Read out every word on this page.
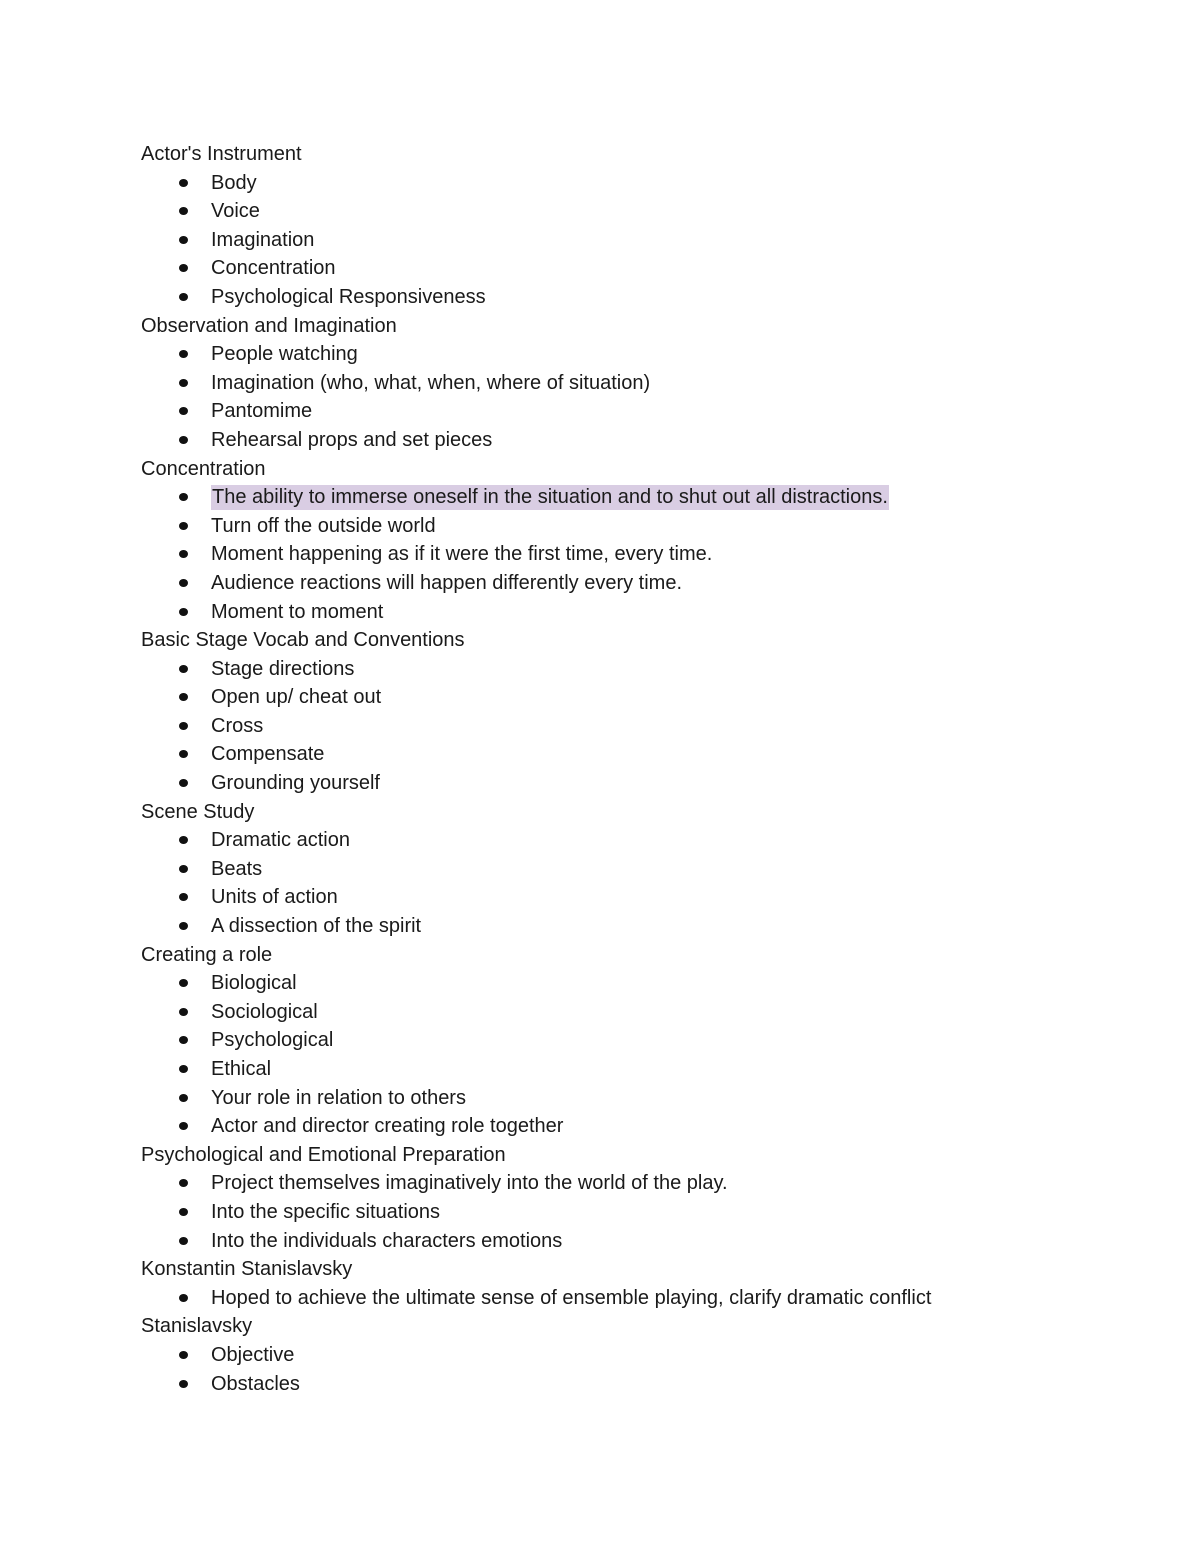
Actor's Instrument
Body
Voice
Imagination
Concentration
Psychological Responsiveness
Observation and Imagination
People watching
Imagination (who, what, when, where of situation)
Pantomime
Rehearsal props and set pieces
Concentration
The ability to immerse oneself in the situation and to shut out all distractions.
Turn off the outside world
Moment happening as if it were the first time, every time.
Audience reactions will happen differently every time.
Moment to moment
Basic Stage Vocab and Conventions
Stage directions
Open up/ cheat out
Cross
Compensate
Grounding yourself
Scene Study
Dramatic action
Beats
Units of action
A dissection of the spirit
Creating a role
Biological
Sociological
Psychological
Ethical
Your role in relation to others
Actor and director creating role together
Psychological and Emotional Preparation
Project themselves imaginatively into the world of the play.
Into the specific situations
Into the individuals characters emotions
Konstantin Stanislavsky
Hoped to achieve the ultimate sense of ensemble playing, clarify dramatic conflict
Stanislavsky
Objective
Obstacles
